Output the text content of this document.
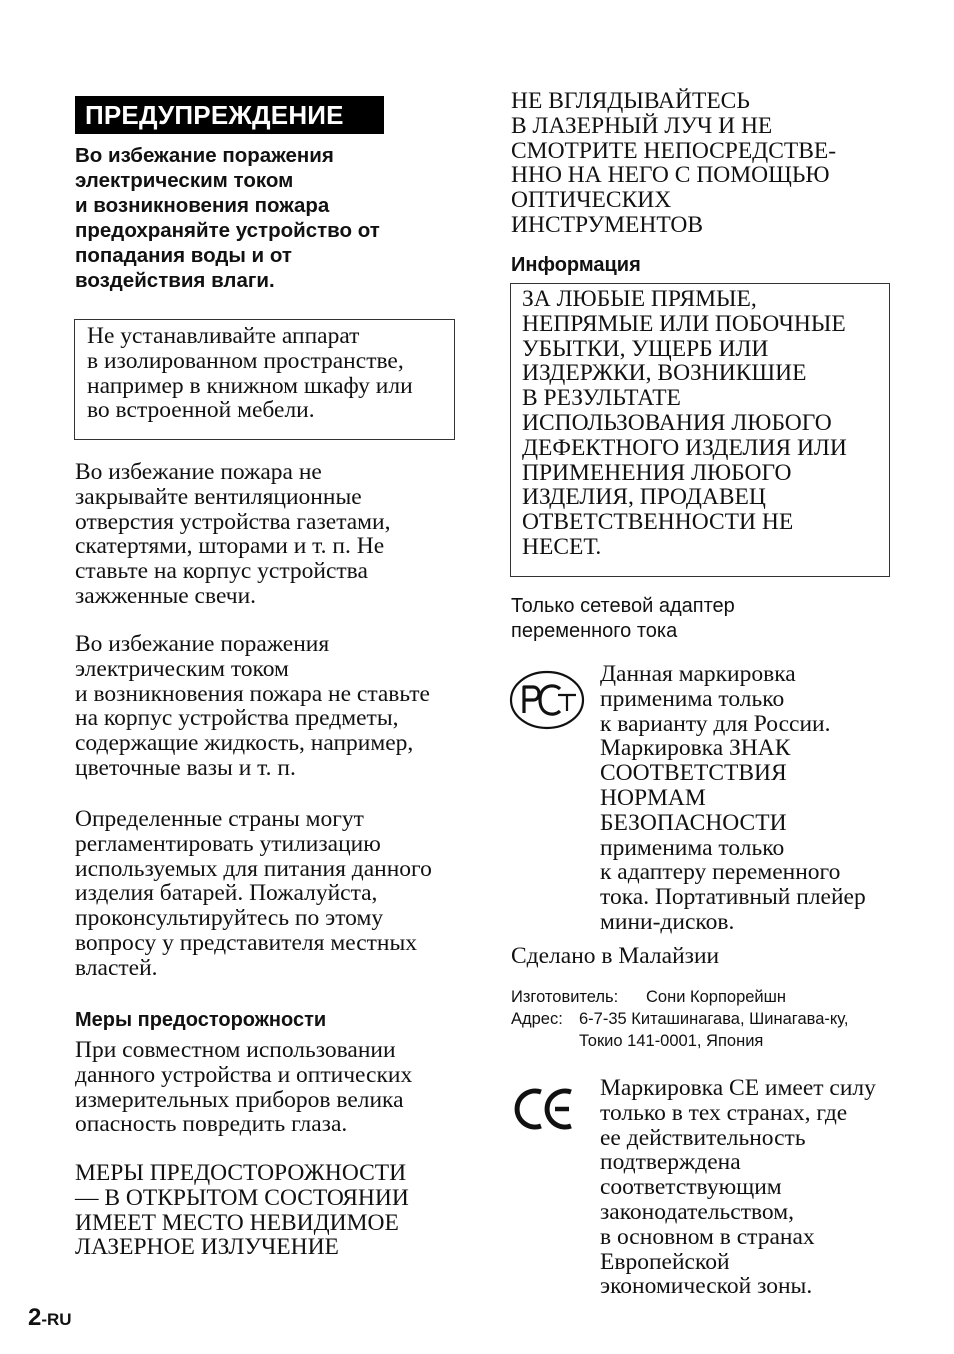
ПРЕДУПРЕЖДЕНИЕ

Во избежание поражения
электрическим током
и возникновения пожара
предохраняйте устройство от
попадания воды и от
воздействия влаги.

Не устанавливайте аппарат
в изолированном пространстве,
например в книжном шкафу или
во встроенной мебели.

Во избежание пожара не
закрывайте вентиляционные
отверстия устройства газетами,
скатертями, шторами и т. п. Не
ставьте на корпус устройства
зажженные свечи.

Во избежание поражения
электрическим током
и возникновения пожара не ставьте
на корпус устройства предметы,
содержащие жидкость, например,
цветочные вазы и т. п.

Определенные страны могут
регламентировать утилизацию
используемых для питания данного
изделия батарей. Пожалуйста,
проконсультируйтесь по этому
вопросу у представителя местных
властей.

Меры предосторожности

При совместном использовании
данного устройства и оптических
измерительных приборов велика
опасность повредить глаза.

МЕРЫ ПРЕДОСТОРОЖНОСТИ
— В ОТКРЫТОМ СОСТОЯНИИ
ИМЕЕТ МЕСТО НЕВИДИМОЕ
ЛАЗЕРНОЕ ИЗЛУЧЕНИЕ

НЕ ВГЛЯДЫВАЙТЕСЬ
В ЛАЗЕРНЫЙ ЛУЧ И НЕ
СМОТРИТЕ НЕПОСРЕДСТВЕ-
ННО НА НЕГО С ПОМОЩЬЮ
ОПТИЧЕСКИХ
ИНСТРУМЕНТОВ

Информация

ЗА ЛЮБЫЕ ПРЯМЫЕ,
НЕПРЯМЫЕ ИЛИ ПОБОЧНЫЕ
УБЫТКИ, УЩЕРБ ИЛИ
ИЗДЕРЖКИ, ВОЗНИКШИЕ
В РЕЗУЛЬТАТЕ
ИСПОЛЬЗОВАНИЯ ЛЮБОГО
ДЕФЕКТНОГО ИЗДЕЛИЯ ИЛИ
ПРИМЕНЕНИЯ ЛЮБОГО
ИЗДЕЛИЯ, ПРОДАВЕЦ
ОТВЕТСТВЕННОСТИ НЕ
НЕСЕТ.

Только сетевой адаптер
переменного тока

Данная маркировка
применима только
к варианту для России.
Маркировка ЗНАК
СООТВЕТСТВИЯ
НОРМАМ
БЕЗОПАСНОСТИ
применима только
к адаптеру переменного
тока. Портативный плейер
мини-дисков.

Сделано в Малайзии

Изготовитель:	Сони Корпорейшн
Адрес: 6-7-35 Киташинагава, Шинагава-ку,
Токио 141-0001, Япония

Маркировка CE имеет силу
только в тех странах, где
ее действительность
подтверждена
соответствующим
законодательством,
в основном в странах
Европейской
экономической зоны.

2-RU
